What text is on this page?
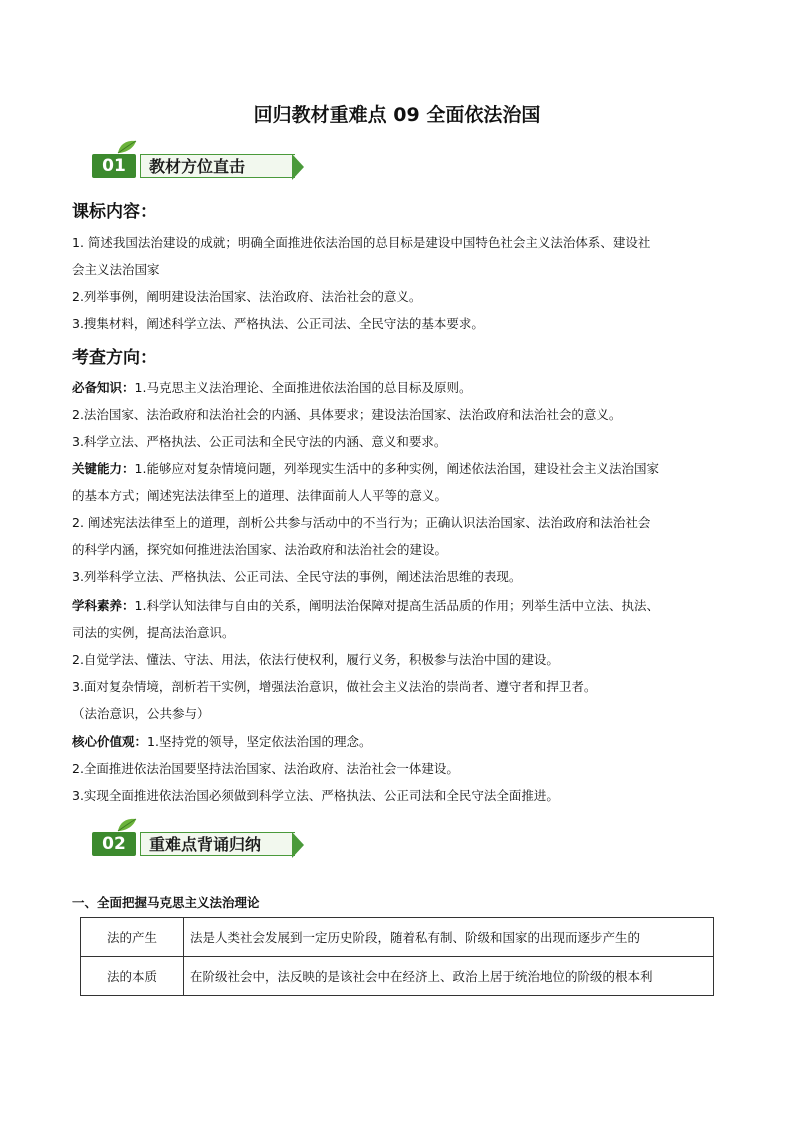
回归教材重难点 09 全面依法治国
01	教材方位直击
课标内容：
1. 简述我国法治建设的成就；明确全面推进依法治国的总目标是建设中国特色社会主义法治体系、建设社
会主义法治国家
2.列举事例，阐明建设法治国家、法治政府、法治社会的意义。
3.搜集材料，阐述科学立法、严格执法、公正司法、全民守法的基本要求。
考查方向：
必备知识：1.马克思主义法治理论、全面推进依法治国的总目标及原则。
2.法治国家、法治政府和法治社会的内涵、具体要求；建设法治国家、法治政府和法治社会的意义。
3.科学立法、严格执法、公正司法和全民守法的内涵、意义和要求。
关键能力：1.能够应对复杂情境问题，列举现实生活中的多种实例，阐述依法治国，建设社会主义法治国家
的基本方式；阐述宪法法律至上的道理、法律面前人人平等的意义。
2. 阐述宪法法律至上的道理，剖析公共参与活动中的不当行为；正确认识法治国家、法治政府和法治社会
的科学内涵，探究如何推进法治国家、法治政府和法治社会的建设。
3.列举科学立法、严格执法、公正司法、全民守法的事例，阐述法治思维的表现。
学科素养：1.科学认知法律与自由的关系，阐明法治保障对提高生活品质的作用；列举生活中立法、执法、
司法的实例，提高法治意识。
2.自觉学法、懂法、守法、用法，依法行使权利，履行义务，积极参与法治中国的建设。
3.面对复杂情境，剖析若干实例，增强法治意识，做社会主义法治的崇尚者、遵守者和捍卫者。
（法治意识，公共参与）
核心价值观：1.坚持党的领导，坚定依法治国的理念。
2.全面推进依法治国要坚持法治国家、法治政府、法治社会一体建设。
3.实现全面推进依法治国必须做到科学立法、严格执法、公正司法和全民守法全面推进。
02	重难点背诵归纳
一、全面把握马克思主义法治理论
法的产生	法是人类社会发展到一定历史阶段，随着私有制、阶级和国家的出现而逐步产生的
法的本质	在阶级社会中，法反映的是该社会中在经济上、政治上居于统治地位的阶级的根本利
